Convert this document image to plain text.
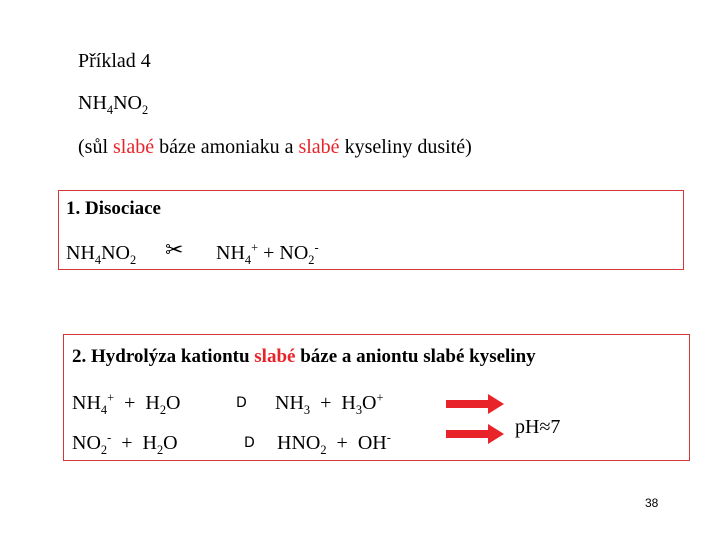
Příklad 4
$NH_4NO_2$
(sůl slabé báze amoniaku a slabé kyseliny dusité)
1. Disociace
$NH_4NO_2$ ✂ $NH_4^+ + NO_2^-$
2. Hydrolýza kationtu slabé báze a aniontu slabé kyseliny
$NH_4^+ + H_2O$	D $NH_3 + H_3O^+$
$NO_2^- + H_2O$	D $HNO_2 + OH^-$	pH≈7
38
